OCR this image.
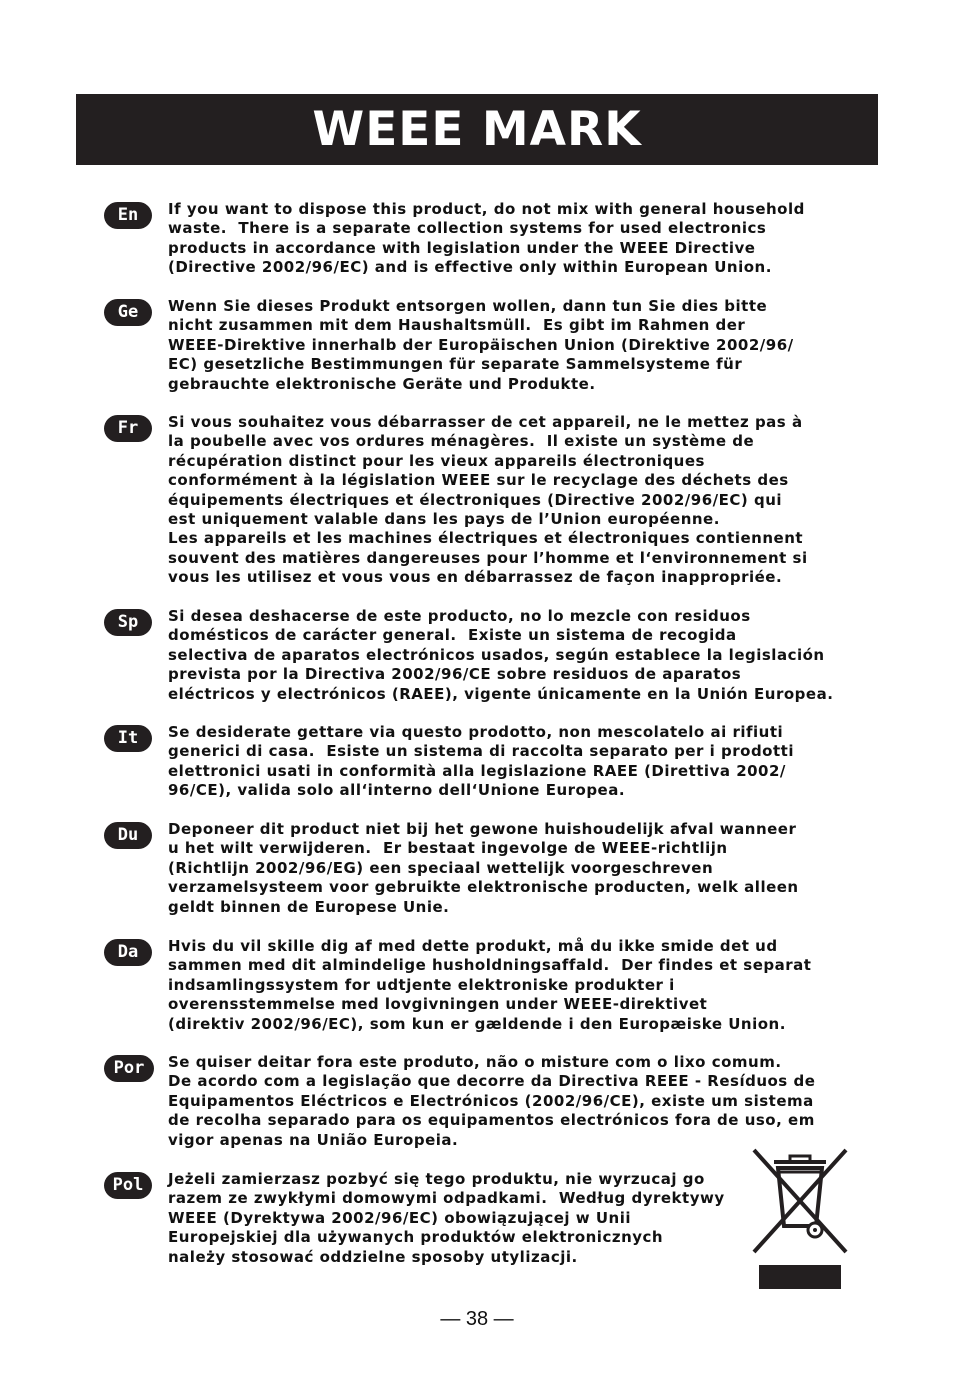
WEEE MARK
En	If you want to dispose this product, do not mix with general household
waste.  There is a separate collection systems for used electronics
products in accordance with legislation under the WEEE Directive
(Directive 2002/96/EC) and is effective only within European Union.
Ge	Wenn Sie dieses Produkt entsorgen wollen, dann tun Sie dies bitte
nicht zusammen mit dem Haushaltsmüll.  Es gibt im Rahmen der
WEEE-Direktive innerhalb der Europäischen Union (Direktive 2002/96/
EC) gesetzliche Bestimmungen für separate Sammelsysteme für
gebrauchte elektronische Geräte und Produkte.
Fr	Si vous souhaitez vous débarrasser de cet appareil, ne le mettez pas à
la poubelle avec vos ordures ménagères.  Il existe un système de
récupération distinct pour les vieux appareils électroniques
conformément à la législation WEEE sur le recyclage des déchets des
équipements électriques et électroniques (Directive 2002/96/EC) qui
est uniquement valable dans les pays de l’Union européenne.
Les appareils et les machines électriques et électroniques contiennent
souvent des matières dangereuses pour l’homme et l‘environnement si
vous les utilisez et vous vous en débarrassez de façon inappropriée.
Sp	Si desea deshacerse de este producto, no lo mezcle con residuos
domésticos de carácter general.  Existe un sistema de recogida
selectiva de aparatos electrónicos usados, según establece la legislación
prevista por la Directiva 2002/96/CE sobre residuos de aparatos
eléctricos y electrónicos (RAEE), vigente únicamente en la Unión Europea.
It	Se desiderate gettare via questo prodotto, non mescolatelo ai rifiuti
generici di casa.  Esiste un sistema di raccolta separato per i prodotti
elettronici usati in conformità alla legislazione RAEE (Direttiva 2002/
96/CE), valida solo all‘interno dell‘Unione Europea.
Du	Deponeer dit product niet bij het gewone huishoudelijk afval wanneer
u het wilt verwijderen.  Er bestaat ingevolge de WEEE-richtlijn
(Richtlijn 2002/96/EG) een speciaal wettelijk voorgeschreven
verzamelsysteem voor gebruikte elektronische producten, welk alleen
geldt binnen de Europese Unie.
Da	Hvis du vil skille dig af med dette produkt, må du ikke smide det ud
sammen med dit almindelige husholdningsaffald.  Der findes et separat
indsamlingssystem for udtjente elektroniske produkter i
overensstemmelse med lovgivningen under WEEE-direktivet
(direktiv 2002/96/EC), som kun er gældende i den Europæiske Union.
Por	Se quiser deitar fora este produto, não o misture com o lixo comum.
De acordo com a legislação que decorre da Directiva REEE - Resíduos de
Equipamentos Eléctricos e Electrónicos (2002/96/CE), existe um sistema
de recolha separado para os equipamentos electrónicos fora de uso, em
vigor apenas na União Europeia.
Pol	Jeżeli zamierzasz pozbyć się tego produktu, nie wyrzucaj go
razem ze zwykłymi domowymi odpadkami.  Według dyrektywy
WEEE (Dyrektywa 2002/96/EC) obowiązującej w Unii
Europejskiej dla używanych produktów elektronicznych
należy stosować oddzielne sposoby utylizacji.
— 38 —
